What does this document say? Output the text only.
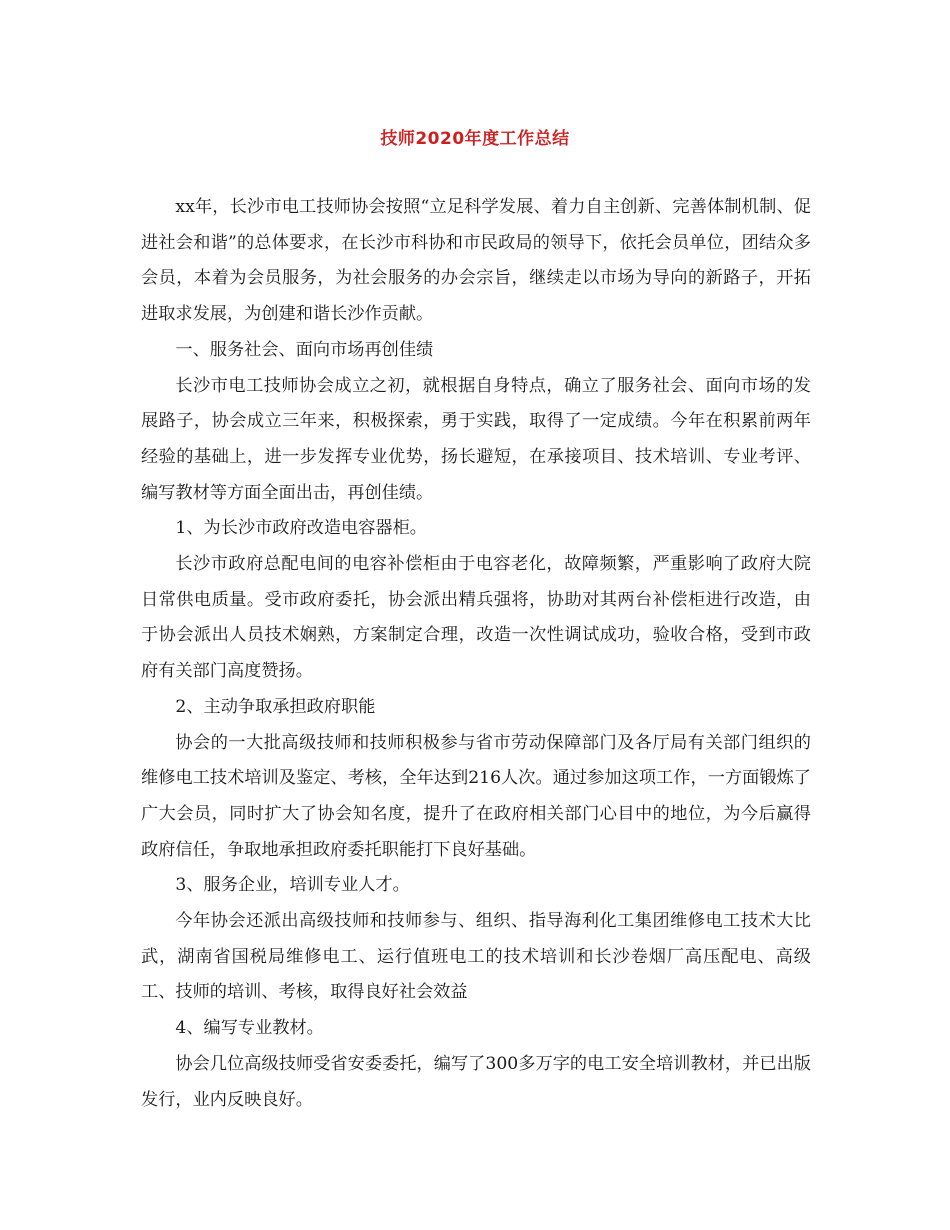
技师2020年度工作总结

xx年，长沙市电工技师协会按照“立足科学发展、着力自主创新、完善体制机制、促进社会和谐”的总体要求，在长沙市科协和市民政局的领导下，依托会员单位，团结众多会员，本着为会员服务，为社会服务的办会宗旨，继续走以市场为导向的新路子，开拓进取求发展，为创建和谐长沙作贡献。

一、服务社会、面向市场再创佳绩

长沙市电工技师协会成立之初，就根据自身特点，确立了服务社会、面向市场的发展路子，协会成立三年来，积极探索，勇于实践，取得了一定成绩。今年在积累前两年经验的基础上，进一步发挥专业优势，扬长避短，在承接项目、技术培训、专业考评、编写教材等方面全面出击，再创佳绩。

1、为长沙市政府改造电容器柜。

长沙市政府总配电间的电容补偿柜由于电容老化，故障频繁，严重影响了政府大院日常供电质量。受市政府委托，协会派出精兵强将，协助对其两台补偿柜进行改造，由于协会派出人员技术娴熟，方案制定合理，改造一次性调试成功，验收合格，受到市政府有关部门高度赞扬。

2、主动争取承担政府职能

协会的一大批高级技师和技师积极参与省市劳动保障部门及各厅局有关部门组织的维修电工技术培训及鉴定、考核，全年达到216人次。通过参加这项工作，一方面锻炼了广大会员，同时扩大了协会知名度，提升了在政府相关部门心目中的地位，为今后赢得政府信任，争取地承担政府委托职能打下良好基础。

3、服务企业，培训专业人才。

今年协会还派出高级技师和技师参与、组织、指导海利化工集团维修电工技术大比武，湖南省国税局维修电工、运行值班电工的技术培训和长沙卷烟厂高压配电、高级工、技师的培训、考核，取得良好社会效益

4、编写专业教材。

协会几位高级技师受省安委委托，编写了300多万字的电工安全培训教材，并已出版发行，业内反映良好。
